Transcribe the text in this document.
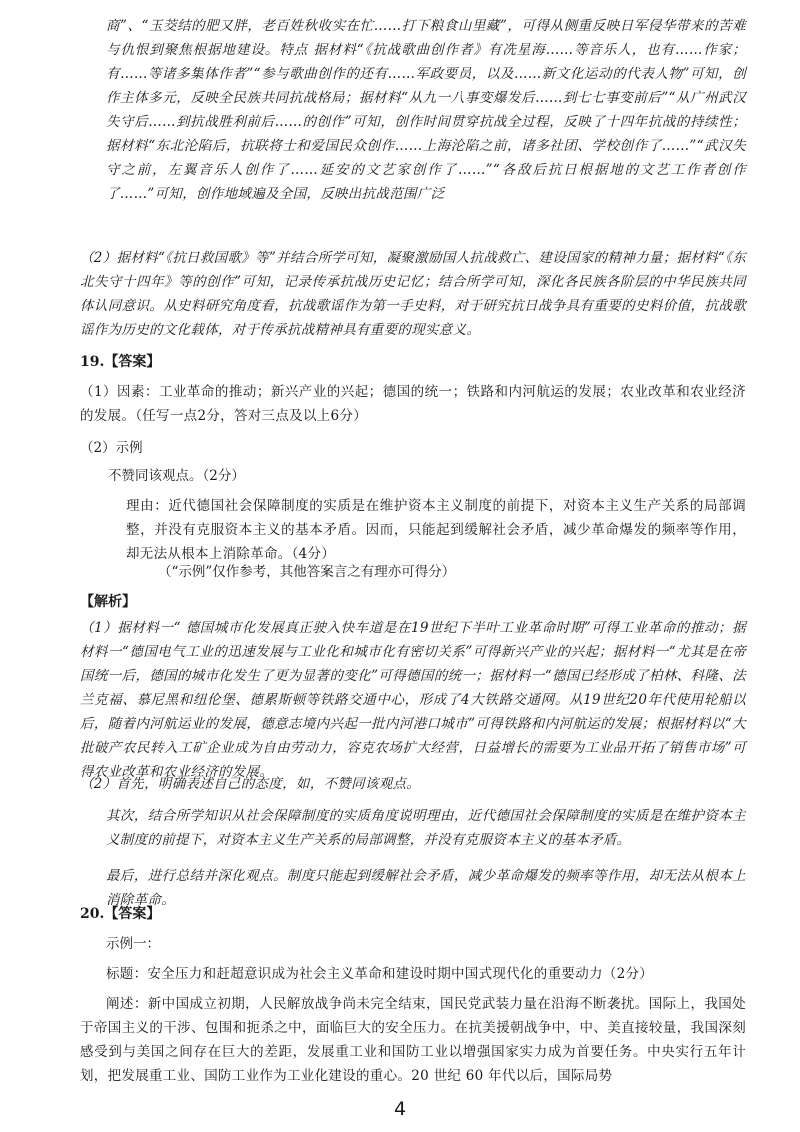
商”、“玉茭结的肥又胖，老百姓秋收实在忙……打下粮食山里藏”，可得从侧重反映日军侵华带来的苦难与仇恨到聚焦根据地建设。特点 据材料“《抗战歌曲创作者》有冼星海……等音乐人，也有……作家；有……等诸多集体作者”“参与歌曲创作的还有……军政要员，以及……新文化运动的代表人物”可知，创作主体多元，反映全民族共同抗战格局；据材料“从九一八事变爆发后……到七七事变前后”“从广州武汉失守后……到抗战胜利前后……的创作”可知，创作时间贯穿抗战全过程，反映了十四年抗战的持续性；据材料“东北沦陷后，抗联将士和爱国民众创作……上海沦陷之前，诸多社团、学校创作了……”“武汉失守之前，左翼音乐人创作了……延安的文艺家创作了……”“各敌后抗日根据地的文艺工作者创作了……”可知，创作地域遍及全国，反映出抗战范围广泛

（2）据材料“《抗日救国歌》等”并结合所学可知，凝聚激励国人抗战救亡、建设国家的精神力量；据材料“《东北失守十四年》等的创作”可知，记录传承抗战历史记忆；结合所学可知，深化各民族各阶层的中华民族共同体认同意识。从史料研究角度看，抗战歌谣作为第一手史料，对于研究抗日战争具有重要的史料价值，抗战歌谣作为历史的文化载体，对于传承抗战精神具有重要的现实意义。

19.【答案】

（1）因素：工业革命的推动；新兴产业的兴起；德国的统一；铁路和内河航运的发展；农业改革和农业经济的发展。（任写一点2分，答对三点及以上6分）

（2）示例

不赞同该观点。（2分）

理由：近代德国社会保障制度的实质是在维护资本主义制度的前提下，对资本主义生产关系的局部调整，并没有克服资本主义的基本矛盾。因而，只能起到缓解社会矛盾，减少革命爆发的频率等作用，却无法从根本上消除革命。（4分）

（“示例”仅作参考，其他答案言之有理亦可得分）

【解析】

（1）据材料一“ 德国城市化发展真正驶入快车道是在19世纪下半叶工业革命时期”可得工业革命的推动；据材料一“德国电气工业的迅速发展与工业化和城市化有密切关系”可得新兴产业的兴起；据材料一“尤其是在帝国统一后，德国的城市化发生了更为显著的变化”可得德国的统一；据材料一“德国已经形成了柏林、科隆、法兰克福、慕尼黑和纽伦堡、德累斯顿等铁路交通中心，形成了4大铁路交通网。从19世纪20年代使用轮船以后，随着内河航运业的发展，德意志境内兴起一批内河港口城市”可得铁路和内河航运的发展；根据材料以“大批破产农民转入工矿企业成为自由劳动力，容克农场扩大经营，日益增长的需要为工业品开拓了销售市场”可得农业改革和农业经济的发展。

（2）首先，明确表述自己的态度，如，不赞同该观点。

其次，结合所学知识从社会保障制度的实质角度说明理由，近代德国社会保障制度的实质是在维护资本主义制度的前提下，对资本主义生产关系的局部调整，并没有克服资本主义的基本矛盾。

最后，进行总结并深化观点。制度只能起到缓解社会矛盾，减少革命爆发的频率等作用，却无法从根本上消除革命。

20.【答案】

示例一：

标题：安全压力和赶超意识成为社会主义革命和建设时期中国式现代化的重要动力（2分）

阐述：新中国成立初期，人民解放战争尚未完全结束，国民党武装力量在沿海不断袭扰。国际上，我国处于帝国主义的干涉、包围和扼杀之中，面临巨大的安全压力。在抗美援朝战争中，中、美直接较量，我国深刻感受到与美国之间存在巨大的差距，发展重工业和国防工业以增强国家实力成为首要任务。中央实行五年计划，把发展重工业、国防工业作为工业化建设的重心。20 世纪 60 年代以后，国际局势

4
